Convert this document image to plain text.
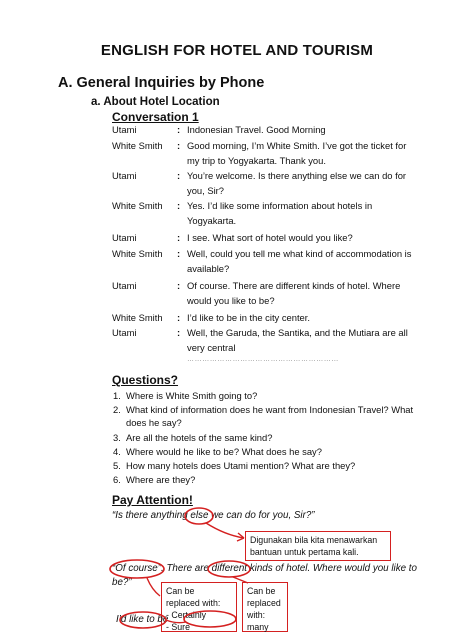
ENGLISH FOR HOTEL AND TOURISM
A. General Inquiries by Phone
a. About Hotel Location
Conversation 1
Utami	: Indonesian Travel. Good Morning
White Smith : Good morning, I’m White Smith. I’ve got the ticket for
my trip to Yogyakarta. Thank you.
Utami	: You’re welcome. Is there anything else we can do for
you, Sir?
White Smith : Yes. I’d like some information about hotels in
Yogyakarta.
Utami	: I see. What sort of hotel would you like?
White Smith : Well, could you tell me what kind of accommodation is
available?
Utami	: Of course. There are different kinds of hotel. Where
would you like to be?
White Smith : I’d like to be in the city center.
Utami	: Well, the Garuda, the Santika, and the Mutiara are all
very central
……………………………………………………
Questions?
1. Where is White Smith going to?
2. What kind of information does he want from Indonesian Travel? What
does he say?
3. Are all the hotels of the same kind?
4. Where would he like to be? What does he say?
5. How many hotels does Utami mention? What are they?
6. Where are they?
Pay Attention!
“Is there anything else we can do for you, Sir?”
Digunakan bila kita menawarkan
bantuan untuk pertama kali.
“Of course”. There are different kinds of hotel. Where would you like to
be?”
Can be
replaced with:
- Certainly
- Sure
Can be
replaced
with:
many
I’d like to be
